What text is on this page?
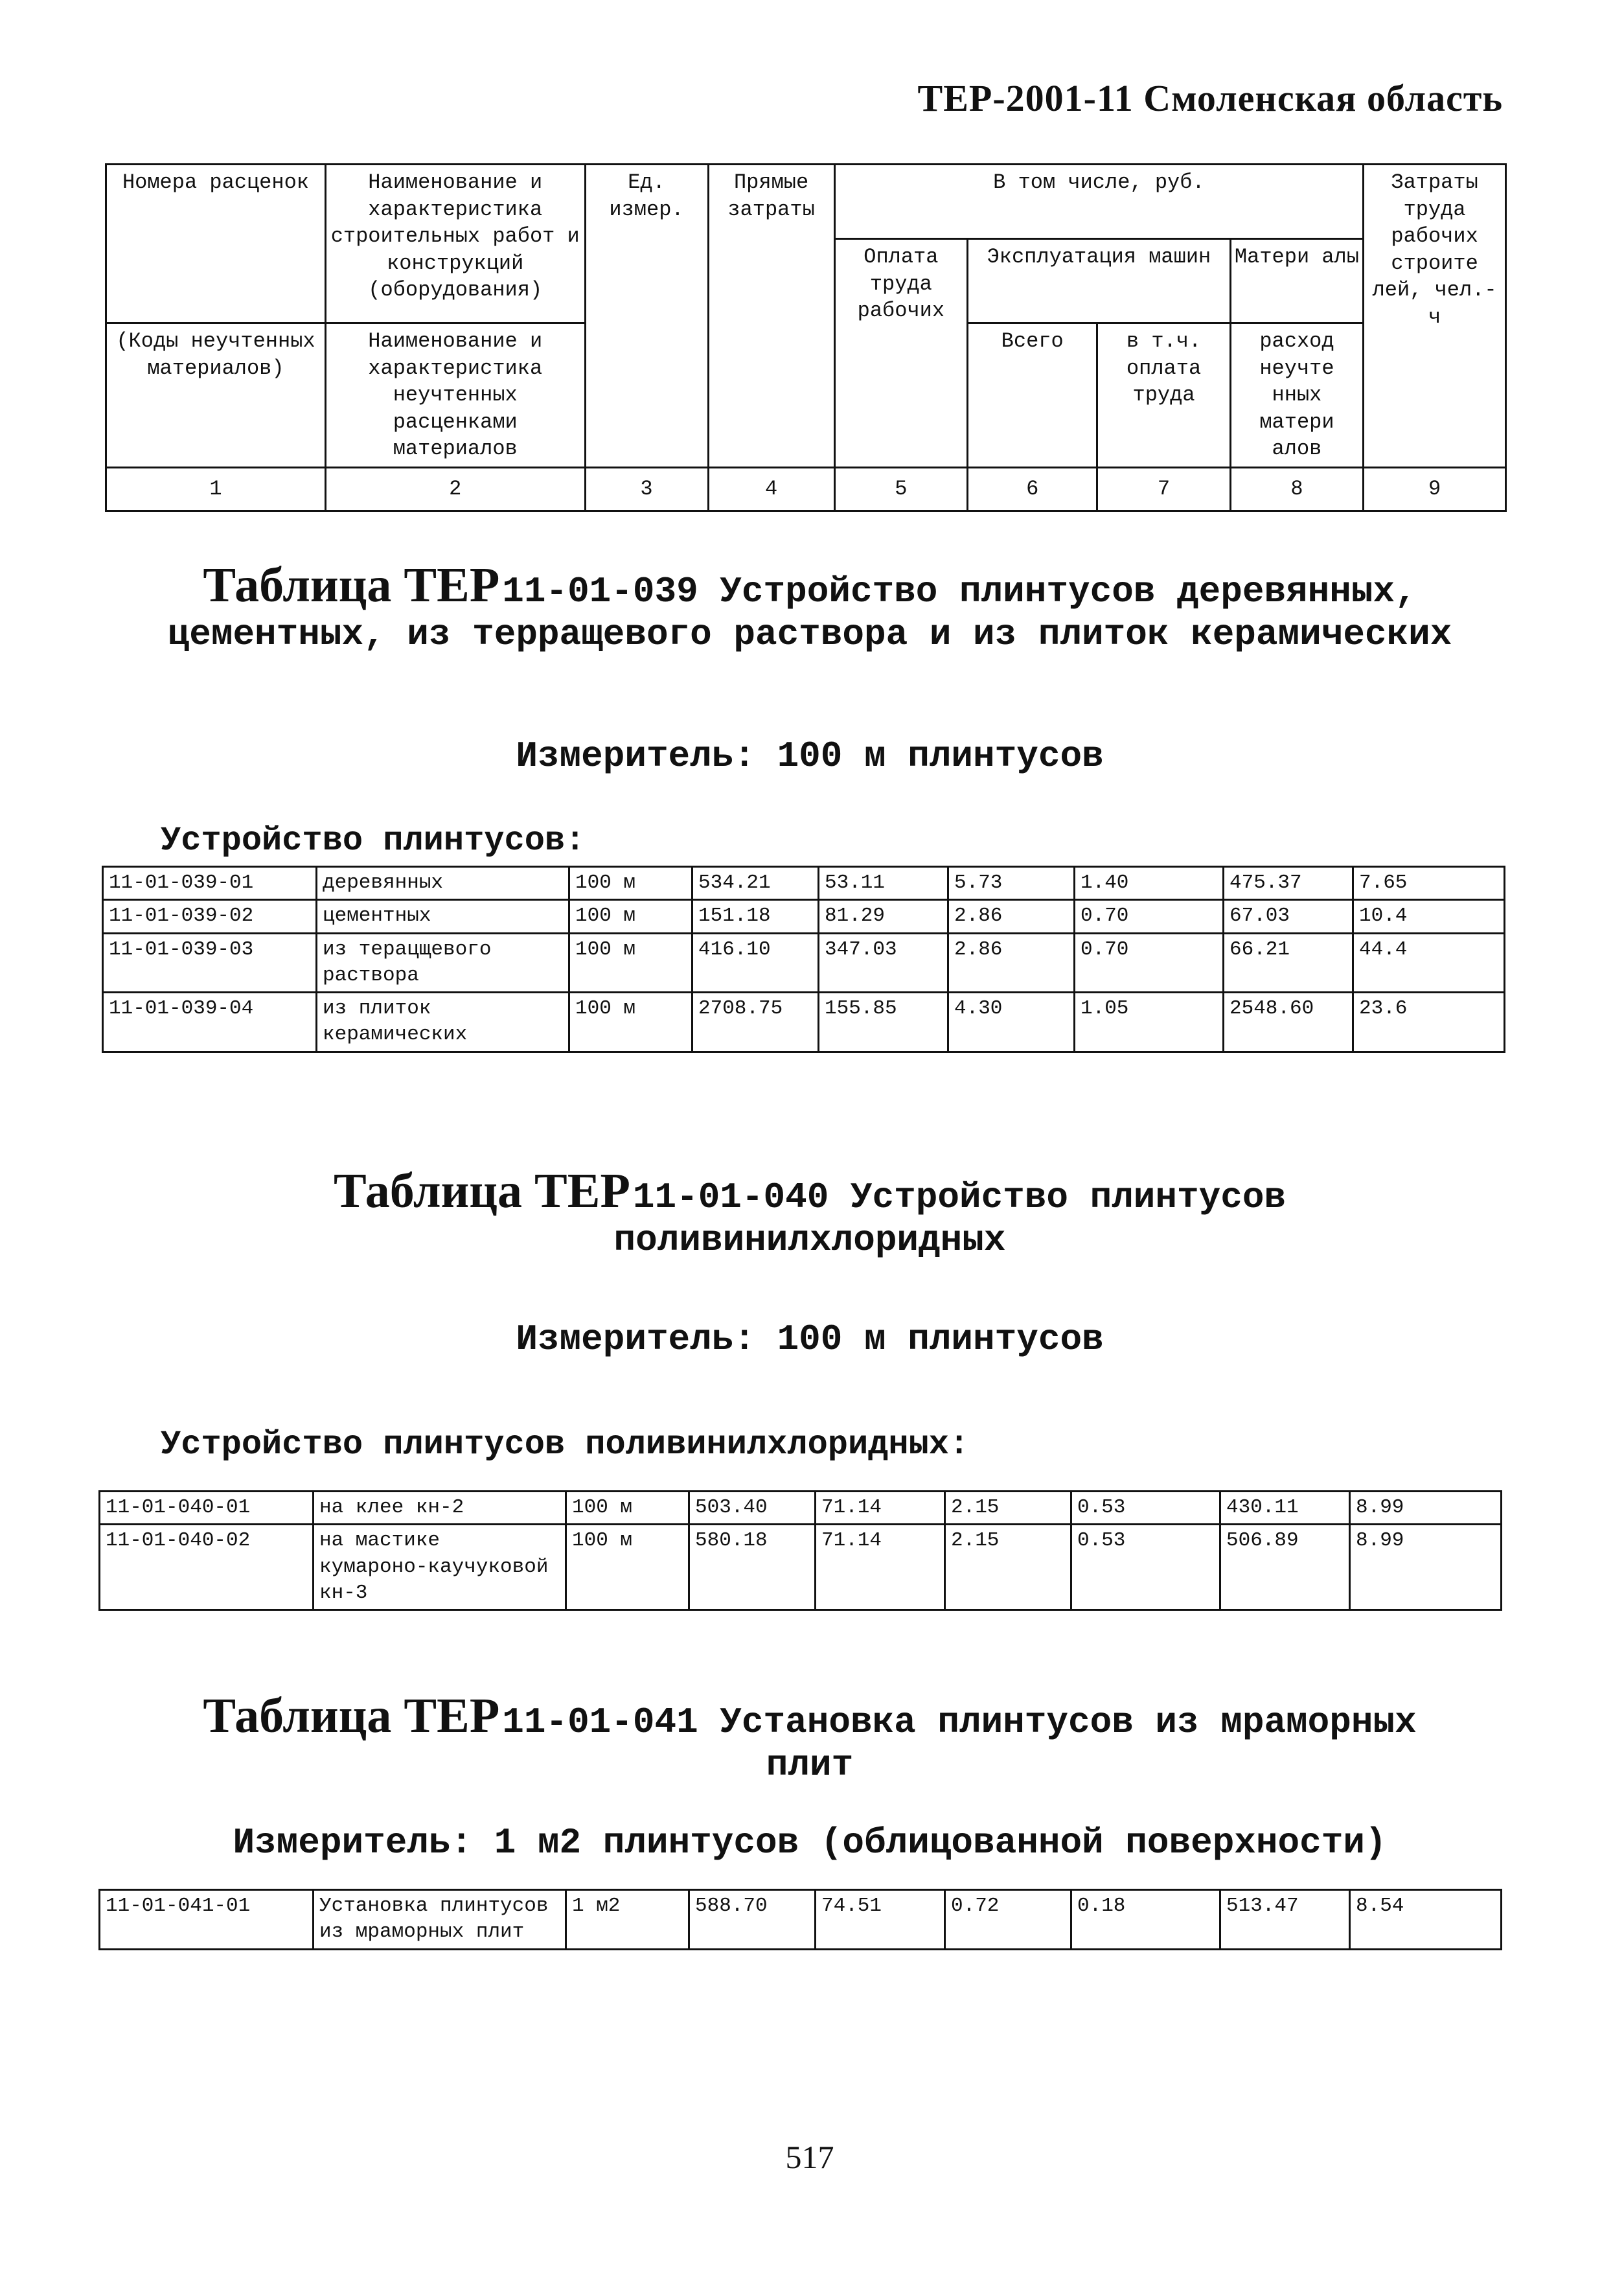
ТЕР-2001-11 Смоленская область
Номера расценок	Наименование и характеристика строительных работ и конструкций (оборудования)	Ед. измер.	Прямые затраты	В том числе, руб.				Затраты труда рабочих строите лей, чел.-ч
				Оплата труда рабочих	Эксплуатация машин		Матери алы	
(Коды неучтенных материалов)	Наименование и характеристика неучтенных расценками материалов				Всего	в т.ч. оплата труда	расход неучте нных матери алов	
1	2	3	4	5	6	7	8	9
Таблица ТЕР 11-01-039 Устройство плинтусов деревянных, цементных, из терращевого раствора и из плиток керамических
Измеритель: 100 м плинтусов
Устройство плинтусов:
11-01-039-01	деревянных	100 м	534.21	53.11	5.73	1.40	475.37	7.65
11-01-039-02	цементных	100 м	151.18	81.29	2.86	0.70	67.03	10.4
11-01-039-03	из терацщевого раствора	100 м	416.10	347.03	2.86	0.70	66.21	44.4
11-01-039-04	из плиток керамических	100 м	2708.75	155.85	4.30	1.05	2548.60	23.6
Таблица ТЕР 11-01-040 Устройство плинтусов поливинилхлоридных
Измеритель: 100 м плинтусов
Устройство плинтусов поливинилхлоридных:
11-01-040-01	на клее кн-2	100 м	503.40	71.14	2.15	0.53	430.11	8.99
11-01-040-02	на мастике кумароно-каучуковой кн-3	100 м	580.18	71.14	2.15	0.53	506.89	8.99
Таблица ТЕР 11-01-041 Установка плинтусов из мраморных плит
Измеритель: 1 м2 плинтусов (облицованной поверхности)
11-01-041-01	Установка плинтусов из мраморных плит	1 м2	588.70	74.51	0.72	0.18	513.47	8.54
517
